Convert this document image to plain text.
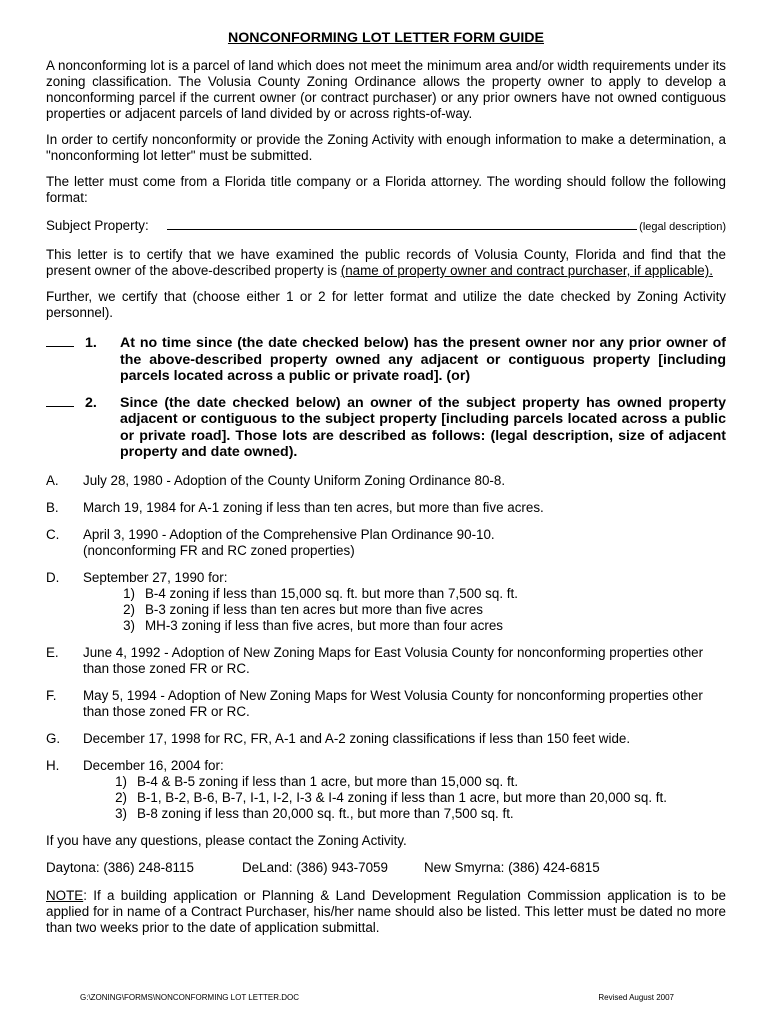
NONCONFORMING LOT LETTER FORM GUIDE

A nonconforming lot is a parcel of land which does not meet the minimum area and/or width requirements under its zoning classification. The Volusia County Zoning Ordinance allows the property owner to apply to develop a nonconforming parcel if the current owner (or contract purchaser) or any prior owners have not owned contiguous properties or adjacent parcels of land divided by or across rights-of-way.

In order to certify nonconformity or provide the Zoning Activity with enough information to make a determination, a "nonconforming lot letter" must be submitted.

The letter must come from a Florida title company or a Florida attorney. The wording should follow the following format:

Subject Property:	(legal description)

This letter is to certify that we have examined the public records of Volusia County, Florida and find that the present owner of the above-described property is (name of property owner and contract purchaser, if applicable).

Further, we certify that (choose either 1 or 2 for letter format and utilize the date checked by Zoning Activity personnel).

1.	At no time since (the date checked below) has the present owner nor any prior owner of the above-described property owned any adjacent or contiguous property [including parcels located across a public or private road]. (or)
2.	Since (the date checked below) an owner of the subject property has owned property adjacent or contiguous to the subject property [including parcels located across a public or private road]. Those lots are described as follows: (legal description, size of adjacent property and date owned).
A.	July 28, 1980 - Adoption of the County Uniform Zoning Ordinance 80-8.
B.	March 19, 1984 for A-1 zoning if less than ten acres, but more than five acres.
C.	April 3, 1990 - Adoption of the Comprehensive Plan Ordinance 90-10.
(nonconforming FR and RC zoned properties)
D.	September 27, 1990 for:
1) B-4 zoning if less than 15,000 sq. ft. but more than 7,500 sq. ft.
2) B-3 zoning if less than ten acres but more than five acres
3) MH-3 zoning if less than five acres, but more than four acres
E.	June 4, 1992 - Adoption of New Zoning Maps for East Volusia County for nonconforming properties other than those zoned FR or RC.
F.	May 5, 1994 - Adoption of New Zoning Maps for West Volusia County for nonconforming properties other than those zoned FR or RC.
G.	December 17, 1998 for RC, FR, A-1 and A-2 zoning classifications if less than 150 feet wide.
H.	December 16, 2004 for:
1) B-4 & B-5 zoning if less than 1 acre, but more than 15,000 sq. ft.
2) B-1, B-2, B-6, B-7, I-1, I-2, I-3 & I-4 zoning if less than 1 acre, but more than 20,000 sq. ft.
3) B-8 zoning if less than 20,000 sq. ft., but more than 7,500 sq. ft.

If you have any questions, please contact the Zoning Activity.

Daytona: (386) 248-8115	DeLand: (386) 943-7059	New Smyrna: (386) 424-6815

NOTE: If a building application or Planning & Land Development Regulation Commission application is to be applied for in name of a Contract Purchaser, his/her name should also be listed. This letter must be dated no more than two weeks prior to the date of application submittal.

G:\ZONING\FORMS\NONCONFORMING LOT LETTER.DOC	Revised August 2007
